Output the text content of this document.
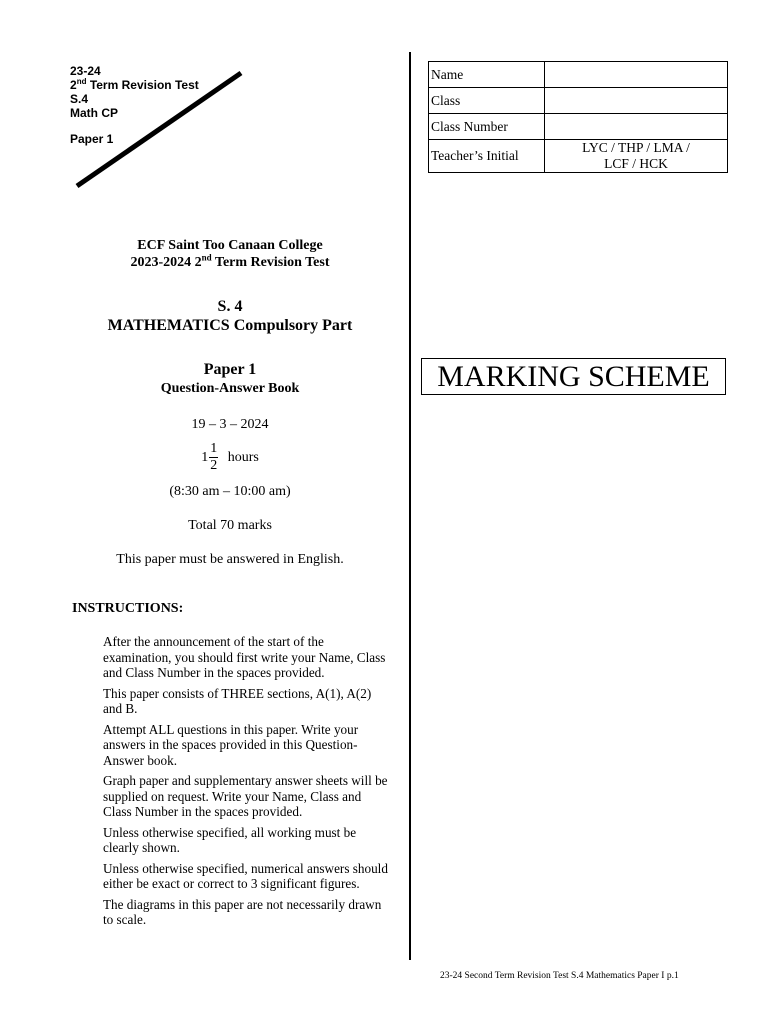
23-24
2nd Term Revision Test
S.4
Math CP
Paper 1
ECF Saint Too Canaan College
2023-2024 2nd Term Revision Test
S. 4
MATHEMATICS Compulsory Part
Paper 1
Question-Answer Book
19 – 3 – 2024
$1 \frac{1}{2}$ hours
(8:30 am – 10:00 am)
Total 70 marks
This paper must be answered in English.
INSTRUCTIONS:

After the announcement of the start of the examination, you should first write your Name, Class and Class Number in the spaces provided.

This paper consists of THREE sections, A(1), A(2) and B.

Attempt ALL questions in this paper. Write your answers in the spaces provided in this Question-Answer book.

Graph paper and supplementary answer sheets will be supplied on request. Write your Name, Class and Class Number in the spaces provided.

Unless otherwise specified, all working must be clearly shown.

Unless otherwise specified, numerical answers should either be exact or correct to 3 significant figures.

The diagrams in this paper are not necessarily drawn to scale.

Name	
Class	
Class Number	
Teacher’s Initial	LYC / THP / LMA /
LCF / HCK
MARKING SCHEME
23-24 Second Term Revision Test S.4 Mathematics Paper I p.1
